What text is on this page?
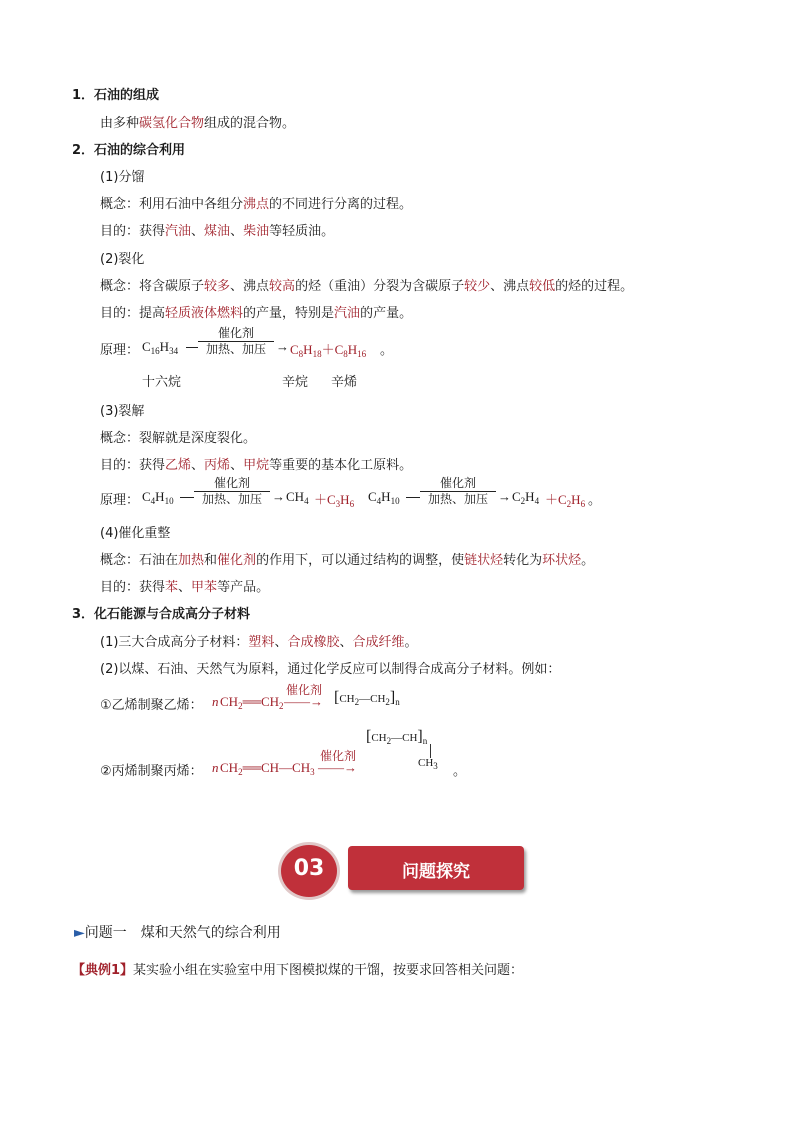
1．石油的组成
由多种碳氢化合物组成的混合物。
2．石油的综合利用
(1)分馏
概念：利用石油中各组分沸点的不同进行分离的过程。
目的：获得汽油、煤油、柴油等轻质油。
(2)裂化
概念：将含碳原子较多、沸点较高的烃（重油）分裂为含碳原子较少、沸点较低的烃的过程。
目的：提高轻质液体燃料的产量，特别是汽油的产量。
原理： $C_{16}H_{34}$
催化剂
加热、加压 → $C_8H_{18}+C_8H_{16}$ 。
十六烷	辛烷 辛烯
(3)裂解
概念：裂解就是深度裂化。
目的：获得乙烯、丙烯、甲烷等重要的基本化工原料。
原理： $C_4H_{10}$
催化剂
加热、加压 → $CH_4 +C_3H_6$ $C_4H_{10}$
催化剂
加热、加压 → $C_2H_4 +C_2H_6$ 。
(4)催化重整
概念：石油在加热和催化剂的作用下，可以通过结构的调整，使链状烃转化为环状烃。
目的：获得苯、甲苯等产品。
3．化石能源与合成高分子材料
(1)三大合成高分子材料：塑料、合成橡胶、合成纤维。
(2)以煤、石油、天然气为原料，通过化学反应可以制得合成高分子材料。例如：
①乙烯制聚乙烯： n $CH_2══CH_2$
催化剂
——→ $[CH_2—CH_2]_n$
$[CH_2—CH]_n$
$CH_3$
②丙烯制聚丙烯： n $CH_2══CH—CH_3$
催化剂
——→	。
03	问题探究
►问题一 煤和天然气的综合利用
【典例1】某实验小组在实验室中用下图模拟煤的干馏，按要求回答相关问题：
